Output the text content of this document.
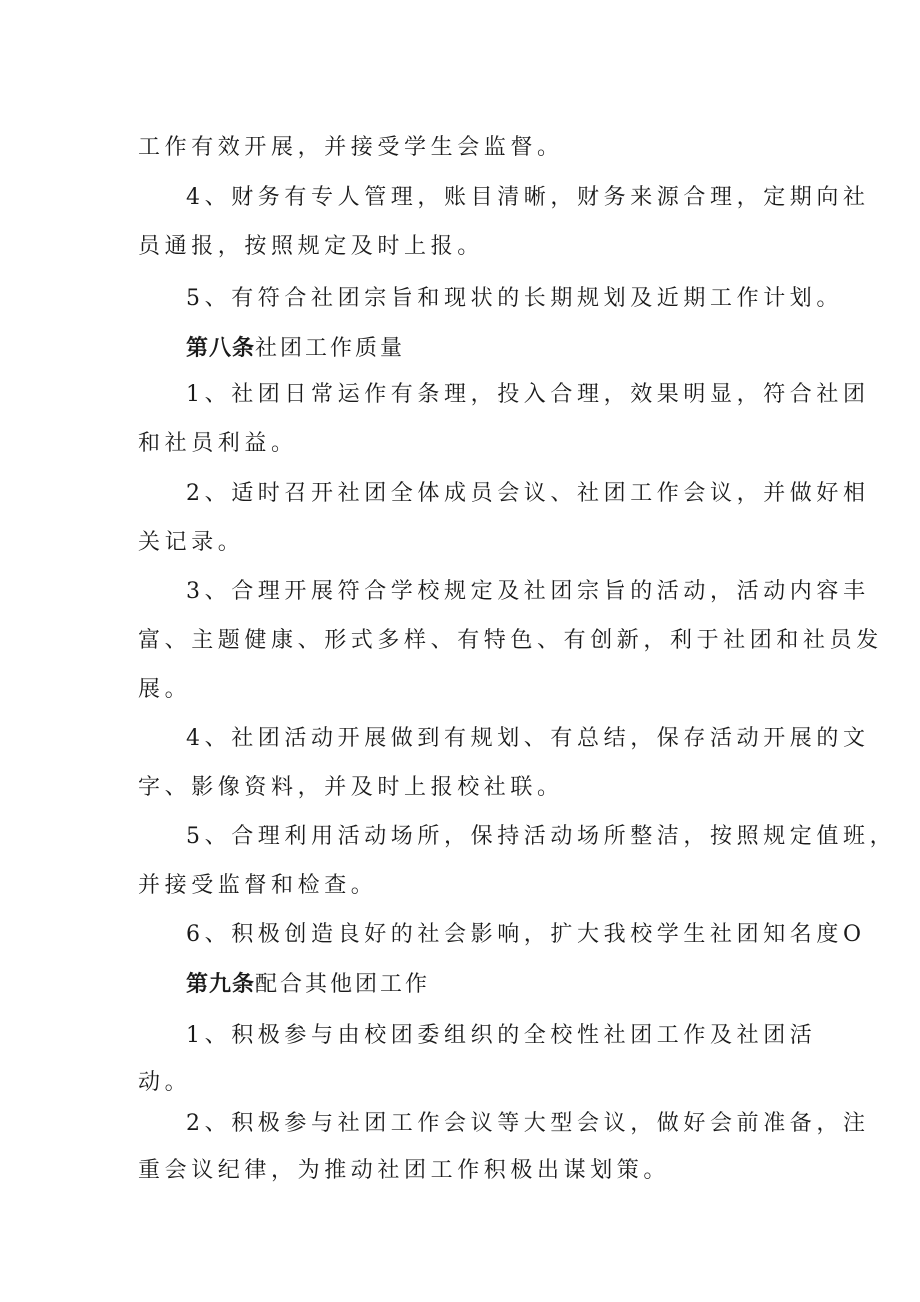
工作有效开展，并接受学生会监督。
4、财务有专人管理，账目清晰，财务来源合理，定期向社
员通报，按照规定及时上报。
5、有符合社团宗旨和现状的长期规划及近期工作计划。
第八条社团工作质量
1、社团日常运作有条理，投入合理，效果明显，符合社团
和社员利益。
2、适时召开社团全体成员会议、社团工作会议，并做好相
关记录。
3、合理开展符合学校规定及社团宗旨的活动，活动内容丰
富、主题健康、形式多样、有特色、有创新，利于社团和社员发
展。
4、社团活动开展做到有规划、有总结，保存活动开展的文
字、影像资料，并及时上报校社联。
5、合理利用活动场所，保持活动场所整洁，按照规定值班，
并接受监督和检查。
6、积极创造良好的社会影响，扩大我校学生社团知名度O
第九条配合其他团工作
1、积极参与由校团委组织的全校性社团工作及社团活
动。
2、积极参与社团工作会议等大型会议，做好会前准备，注
重会议纪律，为推动社团工作积极出谋划策。
